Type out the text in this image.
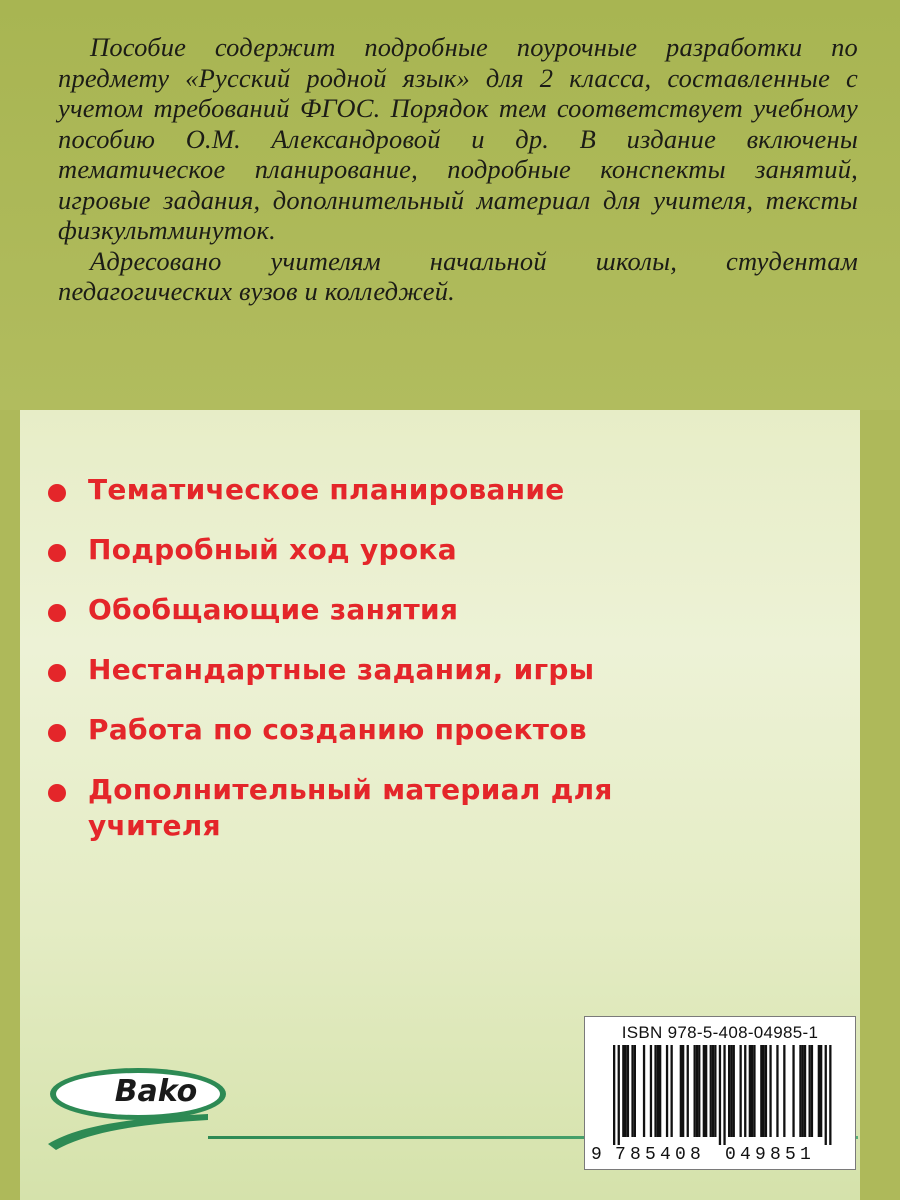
Пособие содержит подробные поурочные разработки по предмету «Русский родной язык» для 2 класса, составленные с учетом требований ФГОС. Порядок тем соответствует учебному пособию О.М. Александровой и др. В издание включены тематическое планирование, подробные конспекты занятий, игровые задания, дополнительный материал для учителя, тексты физкультминуток.

Адресовано учителям начальной школы, студентам педагогических вузов и колледжей.

Тематическое планирование
Подробный ход урока
Обобщающие занятия
Нестандартные задания, игры
Работа по созданию проектов
Дополнительный материал для учителя
Bako
ISBN 978-5-408-04985-1
9 785408 049851
